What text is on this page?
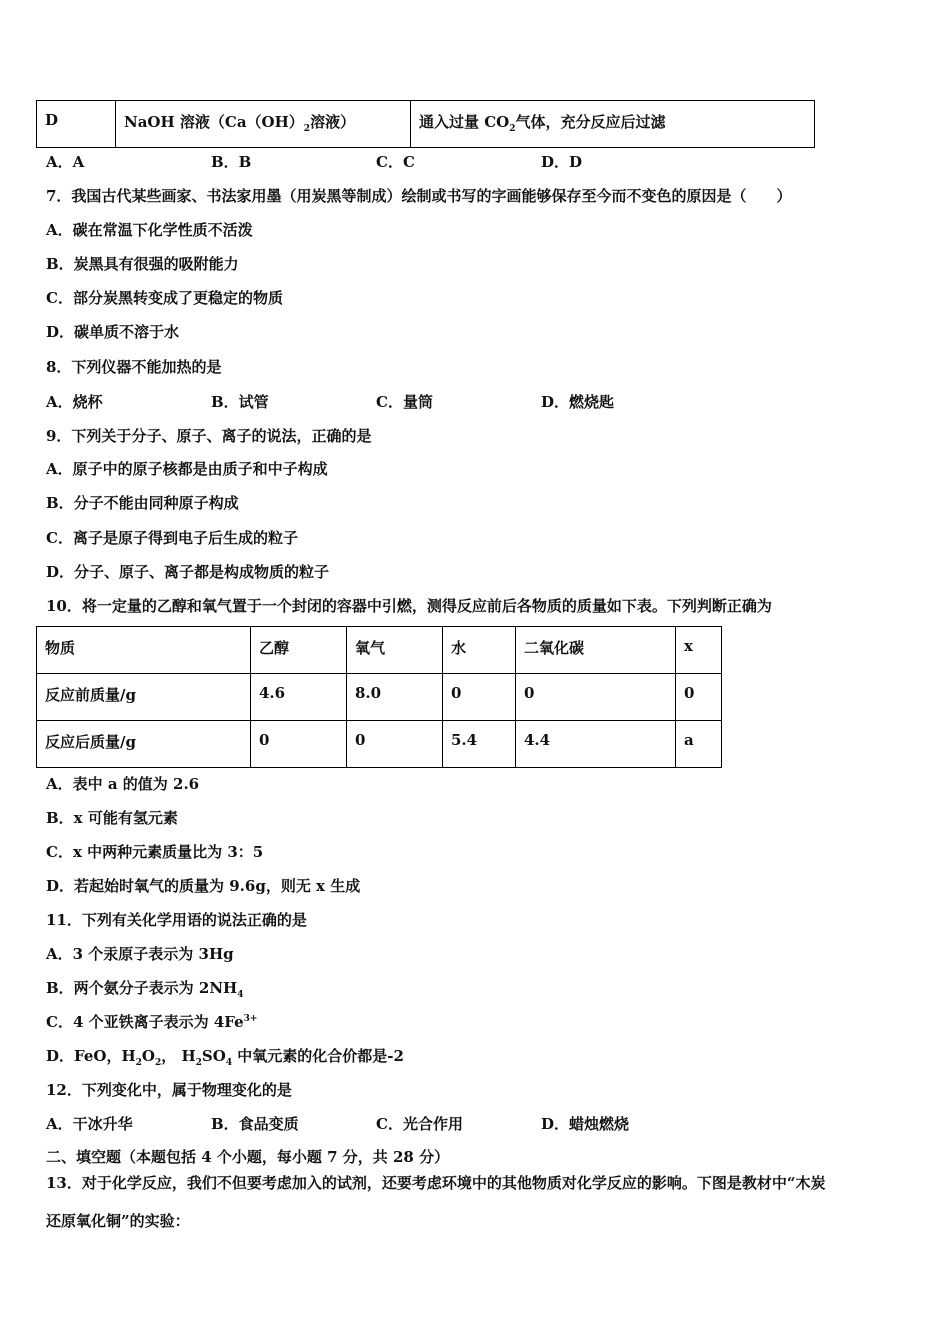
D	NaOH 溶液（$Ca(OH)_2$溶液）	通入过量 $CO_2$气体，充分反应后过滤
A．A	B．B	C．C	D．D
7．我国古代某些画家、书法家用墨（用炭黑等制成）绘制或书写的字画能够保存至今而不变色的原因是（　　）
A．碳在常温下化学性质不活泼
B．炭黑具有很强的吸附能力
C．部分炭黑转变成了更稳定的物质
D．碳单质不溶于水
8．下列仪器不能加热的是
A．烧杯	B．试管	C．量筒	D．燃烧匙
9．下列关于分子、原子、离子的说法，正确的是
A．原子中的原子核都是由质子和中子构成
B．分子不能由同种原子构成
C．离子是原子得到电子后生成的粒子
D．分子、原子、离子都是构成物质的粒子
10．将一定量的乙醇和氧气置于一个封闭的容器中引燃，测得反应前后各物质的质量如下表。下列判断正确为
物质	乙醇	氧气	水	二氧化碳	x
反应前质量/g	4.6	8.0	0	0	0
反应后质量/g	0	0	5.4	4.4	a
A．表中 a 的值为 2.6
B．x 可能有氢元素
C．x 中两种元素质量比为 3：5
D．若起始时氧气的质量为 9.6g，则无 x 生成
11．下列有关化学用语的说法正确的是
A．3 个汞原子表示为 3Hg
B．两个氨分子表示为 $2NH_4$
C．4 个亚铁离子表示为 $4Fe^{3+}$
D．FeO，$H_2O_2$， $H_2SO_4$ 中氧元素的化合价都是-2
12．下列变化中，属于物理变化的是
A．干冰升华	B．食品变质	C．光合作用	D．蜡烛燃烧
二、填空题（本题包括 4 个小题，每小题 7 分，共 28 分）
13．对于化学反应，我们不但要考虑加入的试剂，还要考虑环境中的其他物质对化学反应的影响。下图是教材中“木炭
还原氧化铜”的实验：
